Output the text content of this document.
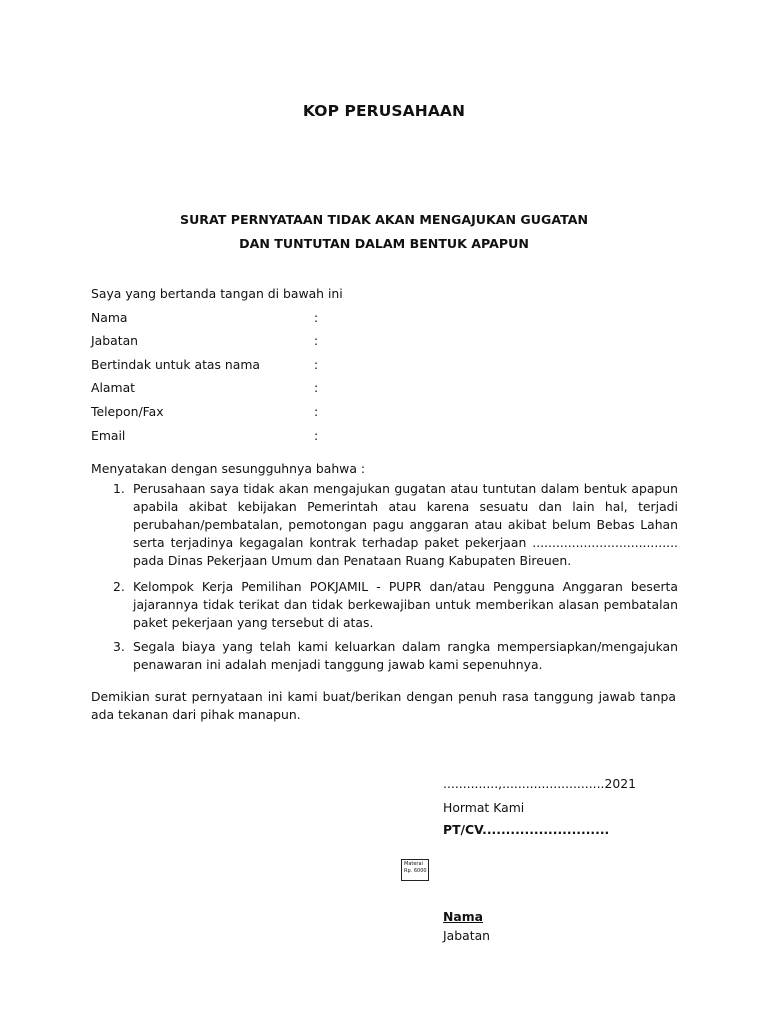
KOP PERUSAHAAN
SURAT PERNYATAAN TIDAK AKAN MENGAJUKAN GUGATAN
DAN TUNTUTAN DALAM BENTUK APAPUN
Saya yang bertanda tangan di bawah ini
Nama	:
Jabatan	:
Bertindak untuk atas nama	:
Alamat	:
Telepon/Fax	:
Email	:
Menyatakan dengan sesungguhnya bahwa :
1. Perusahaan saya tidak akan mengajukan gugatan atau tuntutan dalam bentuk apapun apabila akibat kebijakan Pemerintah atau karena sesuatu dan lain hal, terjadi perubahan/pembatalan, pemotongan pagu anggaran atau akibat belum Bebas Lahan serta terjadinya kegagalan kontrak terhadap paket pekerjaan ..................................... pada Dinas Pekerjaan Umum dan Penataan Ruang Kabupaten Bireuen.
2. Kelompok Kerja Pemilihan POKJAMIL - PUPR dan/atau Pengguna Anggaran beserta jajarannya tidak terikat dan tidak berkewajiban untuk memberikan alasan pembatalan paket pekerjaan yang tersebut di atas.
3. Segala biaya yang telah kami keluarkan dalam rangka mempersiapkan/mengajukan penawaran ini adalah menjadi tanggung jawab kami sepenuhnya.
Demikian surat pernyataan ini kami buat/berikan dengan penuh rasa tanggung jawab tanpa ada tekanan dari pihak manapun.
..............,..........................2021
Hormat Kami
PT/CV...........................
Materai
Rp. 6000
Nama
Jabatan
